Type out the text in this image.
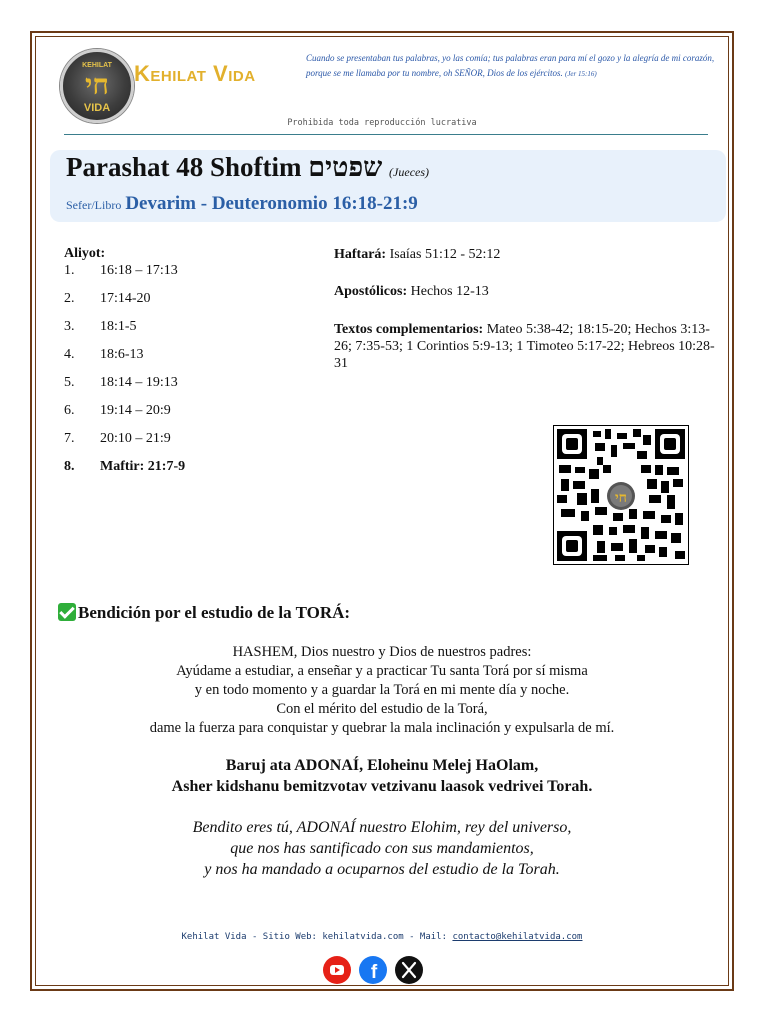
KEHILAT
חי
VIDA
Kehilat Vida
Cuando se presentaban tus palabras, yo las comía; tus palabras eran para mí el gozo y la alegría de mi corazón, porque se me llamaba por tu nombre, oh SEÑOR, Dios de los ejércitos. (Jer 15:16)
Prohibida toda reproducción lucrativa
Parashat 48 Shoftim שפטים (Jueces)
Sefer/Libro Devarim - Deuteronomio 16:18-21:9
Aliyot:
1. 16:18 – 17:13
2. 17:14-20
3. 18:1-5
4. 18:6-13
5. 18:14 – 19:13
6. 19:14 – 20:9
7. 20:10 – 21:9
8. Maftir: 21:7-9
Haftará: Isaías 51:12 - 52:12
Apostólicos: Hechos 12-13
Textos complementarios: Mateo 5:38-42; 18:15-20; Hechos 3:13-26; 7:35-53; 1 Corintios 5:9-13; 1 Timoteo 5:17-22; Hebreos 10:28-31
חי
Bendición por el estudio de la TORÁ:
HASHEM, Dios nuestro y Dios de nuestros padres:
Ayúdame a estudiar, a enseñar y a practicar Tu santa Torá por sí misma
y en todo momento y a guardar la Torá en mi mente día y noche.
Con el mérito del estudio de la Torá,
dame la fuerza para conquistar y quebrar la mala inclinación y expulsarla de mí.
Baruj ata ADONAÍ, Eloheinu Melej HaOlam,
Asher kidshanu bemitzvotav vetzivanu laasok vedrivei Torah.
Bendito eres tú, ADONAÍ nuestro Elohim, rey del universo,
que nos has santificado con sus mandamientos,
y nos ha mandado a ocuparnos del estudio de la Torah.
Kehilat Vida - Sitio Web: kehilatvida.com - Mail: contacto@kehilatvida.com
f
